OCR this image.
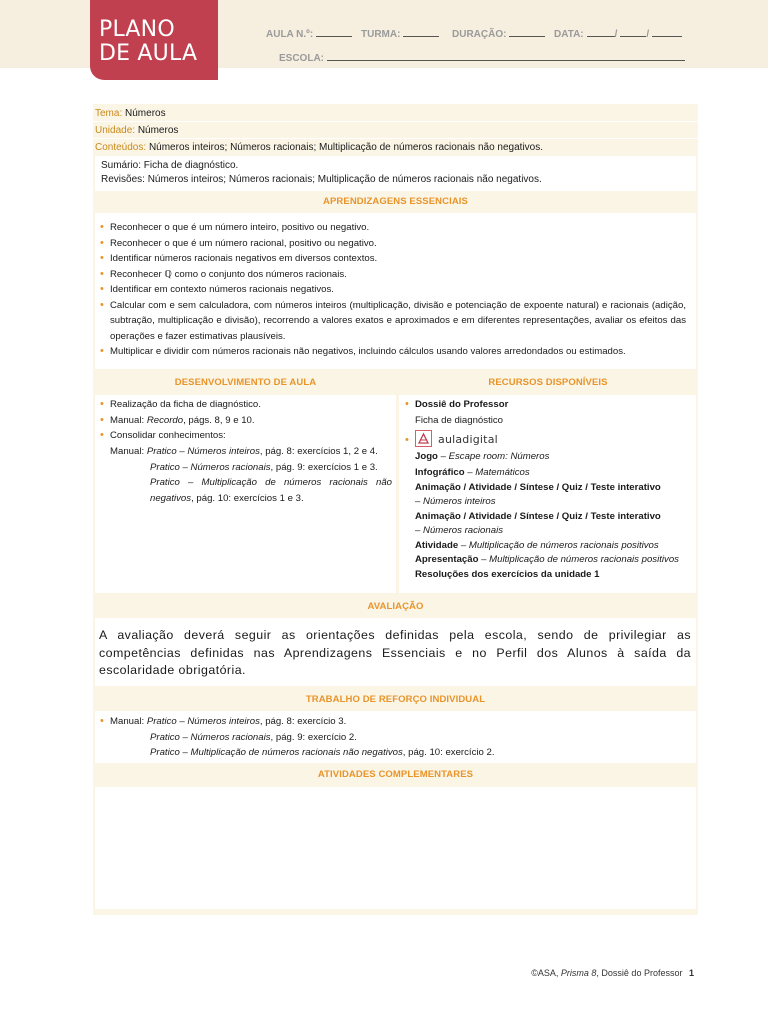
PLANO
DE AULA
AULA N.º:	TURMA:	DURAÇÃO:	DATA:	/	/
ESCOLA:
Tema: Números
Unidade: Números
Conteúdos: Números inteiros; Números racionais; Multiplicação de números racionais não negativos.
Sumário: Ficha de diagnóstico.
Revisões: Números inteiros; Números racionais; Multiplicação de números racionais não negativos.
APRENDIZAGENS ESSENCIAIS
• Reconhecer o que é um número inteiro, positivo ou negativo.
• Reconhecer o que é um número racional, positivo ou negativo.
• Identificar números racionais negativos em diversos contextos.
• Reconhecer ℚ como o conjunto dos números racionais.
• Identificar em contexto números racionais negativos.
• Calcular com e sem calculadora, com números inteiros (multiplicação, divisão e potenciação de expoente natural) e racionais (adição, subtração, multiplicação e divisão), recorrendo a valores exatos e aproximados e em diferentes representações, avaliar os efeitos das operações e fazer estimativas plausíveis.
• Multiplicar e dividir com números racionais não negativos, incluindo cálculos usando valores arredondados ou estimados.
DESENVOLVIMENTO DE AULA	RECURSOS DISPONÍVEIS
• Realização da ficha de diagnóstico.
• Manual: Recordo, págs. 8, 9 e 10.
• Consolidar conhecimentos:
Manual: Pratico – Números inteiros, pág. 8: exercícios 1, 2 e 4.
Pratico – Números racionais, pág. 9: exercícios 1 e 3.
Pratico – Multiplicação de números racionais não negativos, pág. 10: exercícios 1 e 3.
• Dossiê do Professor
Ficha de diagnóstico
•	auladigital
Jogo – Escape room: Números
Infográfico – Matemáticos
Animação / Atividade / Síntese / Quiz / Teste interativo
– Números inteiros
Animação / Atividade / Síntese / Quiz / Teste interativo
– Números racionais
Atividade – Multiplicação de números racionais positivos
Apresentação – Multiplicação de números racionais positivos
Resoluções dos exercícios da unidade 1
AVALIAÇÃO
A avaliação deverá seguir as orientações definidas pela escola, sendo de privilegiar as competências definidas nas Aprendizagens Essenciais e no Perfil dos Alunos à saída da escolaridade obrigatória.
TRABALHO DE REFORÇO INDIVIDUAL
• Manual: Pratico – Números inteiros, pág. 8: exercício 3.
Pratico – Números racionais, pág. 9: exercício 2.
Pratico – Multiplicação de números racionais não negativos, pág. 10: exercício 2.
ATIVIDADES COMPLEMENTARES
©ASA, Prisma 8, Dossiê do Professor 1
